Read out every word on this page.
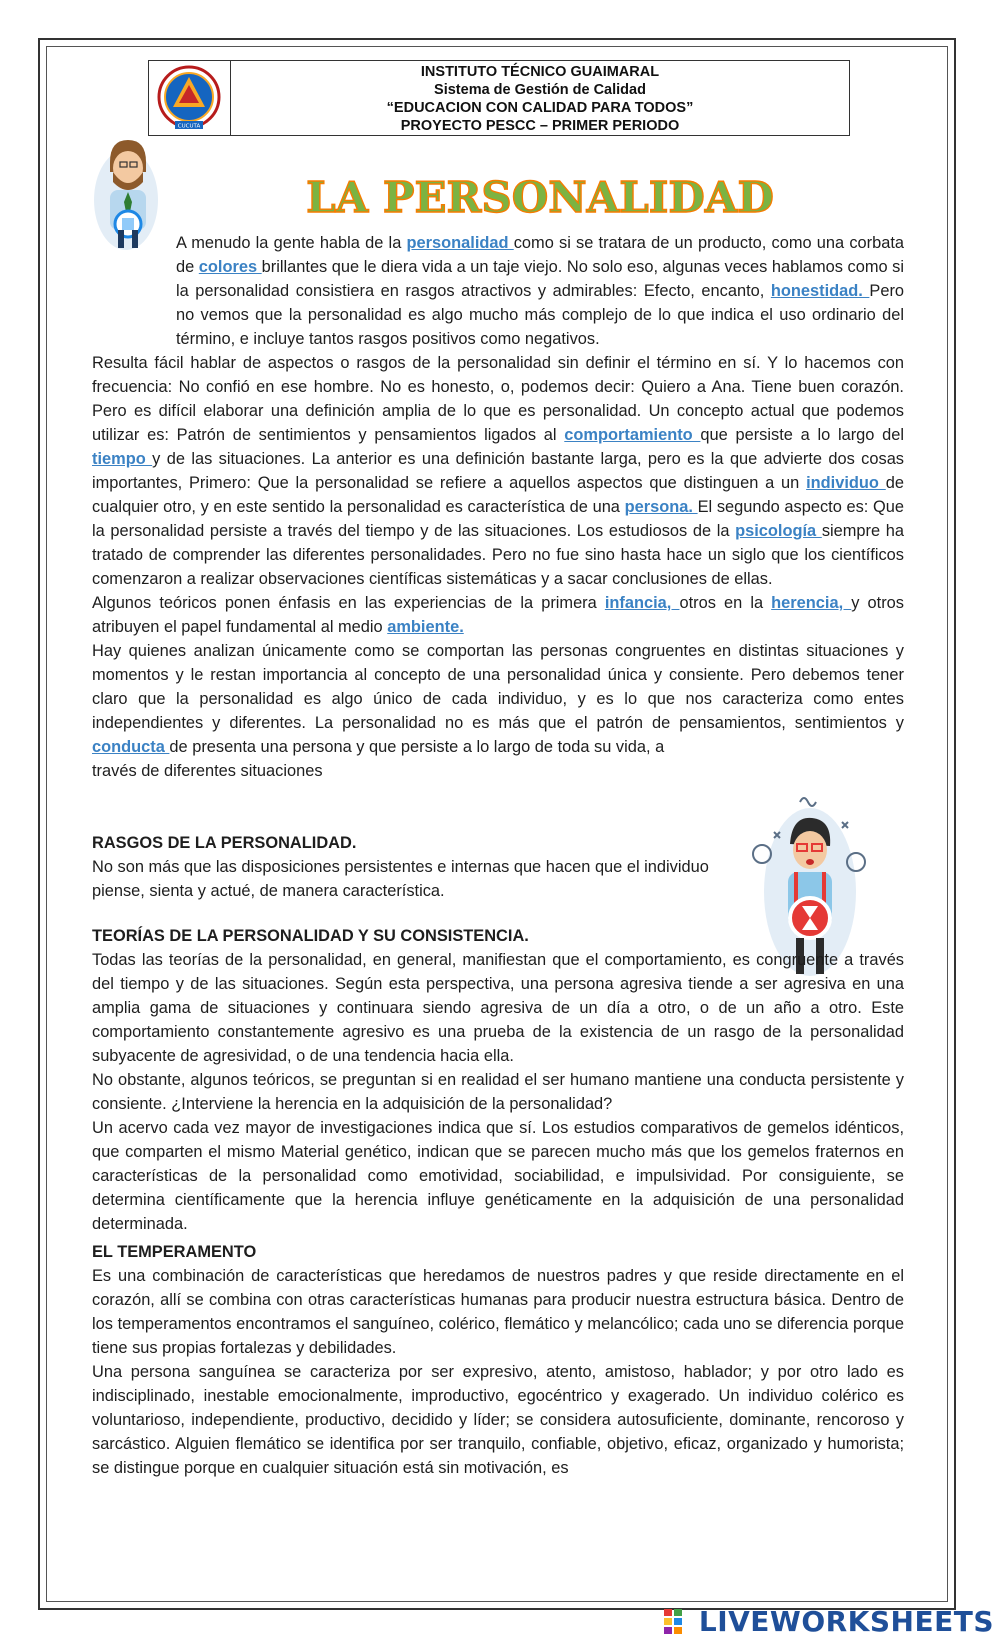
CUCUTA
INSTITUTO TÉCNICO GUAIMARAL
Sistema de Gestión de Calidad
“EDUCACION CON CALIDAD PARA TODOS”
PROYECTO PESCC – PRIMER PERIODO
LA PERSONALIDAD

A menudo la gente habla de la personalidad como si se tratara de un producto, como una corbata de colores brillantes que le diera vida a un taje viejo. No solo eso, algunas veces hablamos como si la personalidad consistiera en rasgos atractivos y admirables: Efecto, encanto, honestidad. Pero no vemos que la personalidad es algo mucho más complejo de lo que indica el uso ordinario del término, e incluye tantos rasgos positivos como negativos.

Resulta fácil hablar de aspectos o rasgos de la personalidad sin definir el término en sí. Y lo hacemos con frecuencia: No confió en ese hombre. No es honesto, o, podemos decir: Quiero a Ana. Tiene buen corazón. Pero es difícil elaborar una definición amplia de lo que es personalidad. Un concepto actual que podemos utilizar es: Patrón de sentimientos y pensamientos ligados al comportamiento que persiste a lo largo del tiempo y de las situaciones. La anterior es una definición bastante larga, pero es la que advierte dos cosas importantes, Primero: Que la personalidad se refiere a aquellos aspectos que distinguen a un individuo de cualquier otro, y en este sentido la personalidad es característica de una persona. El segundo aspecto es: Que la personalidad persiste a través del tiempo y de las situaciones. Los estudiosos de la psicología siempre ha tratado de comprender las diferentes personalidades. Pero no fue sino hasta hace un siglo que los científicos comenzaron a realizar observaciones científicas sistemáticas y a sacar conclusiones de ellas.

Algunos teóricos ponen énfasis en las experiencias de la primera infancia, otros en la herencia, y otros atribuyen el papel fundamental al medio ambiente.

Hay quienes analizan únicamente como se comportan las personas congruentes en distintas situaciones y momentos y le restan importancia al concepto de una personalidad única y consiente. Pero debemos tener claro que la personalidad es algo único de cada individuo, y es lo que nos caracteriza como entes independientes y diferentes. La personalidad no es más que el patrón de pensamientos, sentimientos y conducta de presenta una persona y que persiste a lo largo de toda su vida, a
través de diferentes situaciones

RASGOS DE LA PERSONALIDAD.

No son más que las disposiciones persistentes e internas que hacen que el individuo piense, sienta y actué, de manera característica.

TEORÍAS DE LA PERSONALIDAD Y SU CONSISTENCIA.

Todas las teorías de la personalidad, en general, manifiestan que el comportamiento, es congruente a través del tiempo y de las situaciones. Según esta perspectiva, una persona agresiva tiende a ser agresiva en una amplia gama de situaciones y continuara siendo agresiva de un día a otro, o de un año a otro. Este comportamiento constantemente agresivo es una prueba de la existencia de un rasgo de la personalidad subyacente de agresividad, o de una tendencia hacia ella.

No obstante, algunos teóricos, se preguntan si en realidad el ser humano mantiene una conducta persistente y consiente. ¿Interviene la herencia en la adquisición de la personalidad?

Un acervo cada vez mayor de investigaciones indica que sí. Los estudios comparativos de gemelos idénticos, que comparten el mismo Material genético, indican que se parecen mucho más que los gemelos fraternos en características de la personalidad como emotividad, sociabilidad, e impulsividad. Por consiguiente, se determina científicamente que la herencia influye genéticamente en la adquisición de una personalidad determinada.

EL TEMPERAMENTO

Es una combinación de características que heredamos de nuestros padres y que reside directamente en el corazón, allí se combina con otras características humanas para producir nuestra estructura básica. Dentro de los temperamentos encontramos el sanguíneo, colérico, flemático y melancólico; cada uno se diferencia porque tiene sus propias fortalezas y debilidades.

Una persona sanguínea se caracteriza por ser expresivo, atento, amistoso, hablador; y por otro lado es indisciplinado, inestable emocionalmente, improductivo, egocéntrico y exagerado. Un individuo colérico es voluntarioso, independiente, productivo, decidido y líder; se considera autosuficiente, dominante, rencoroso y sarcástico. Alguien flemático se identifica por ser tranquilo, confiable, objetivo, eficaz, organizado y humorista; se distingue porque en cualquier situación está sin motivación, es

LIVEWORKSHEETS
